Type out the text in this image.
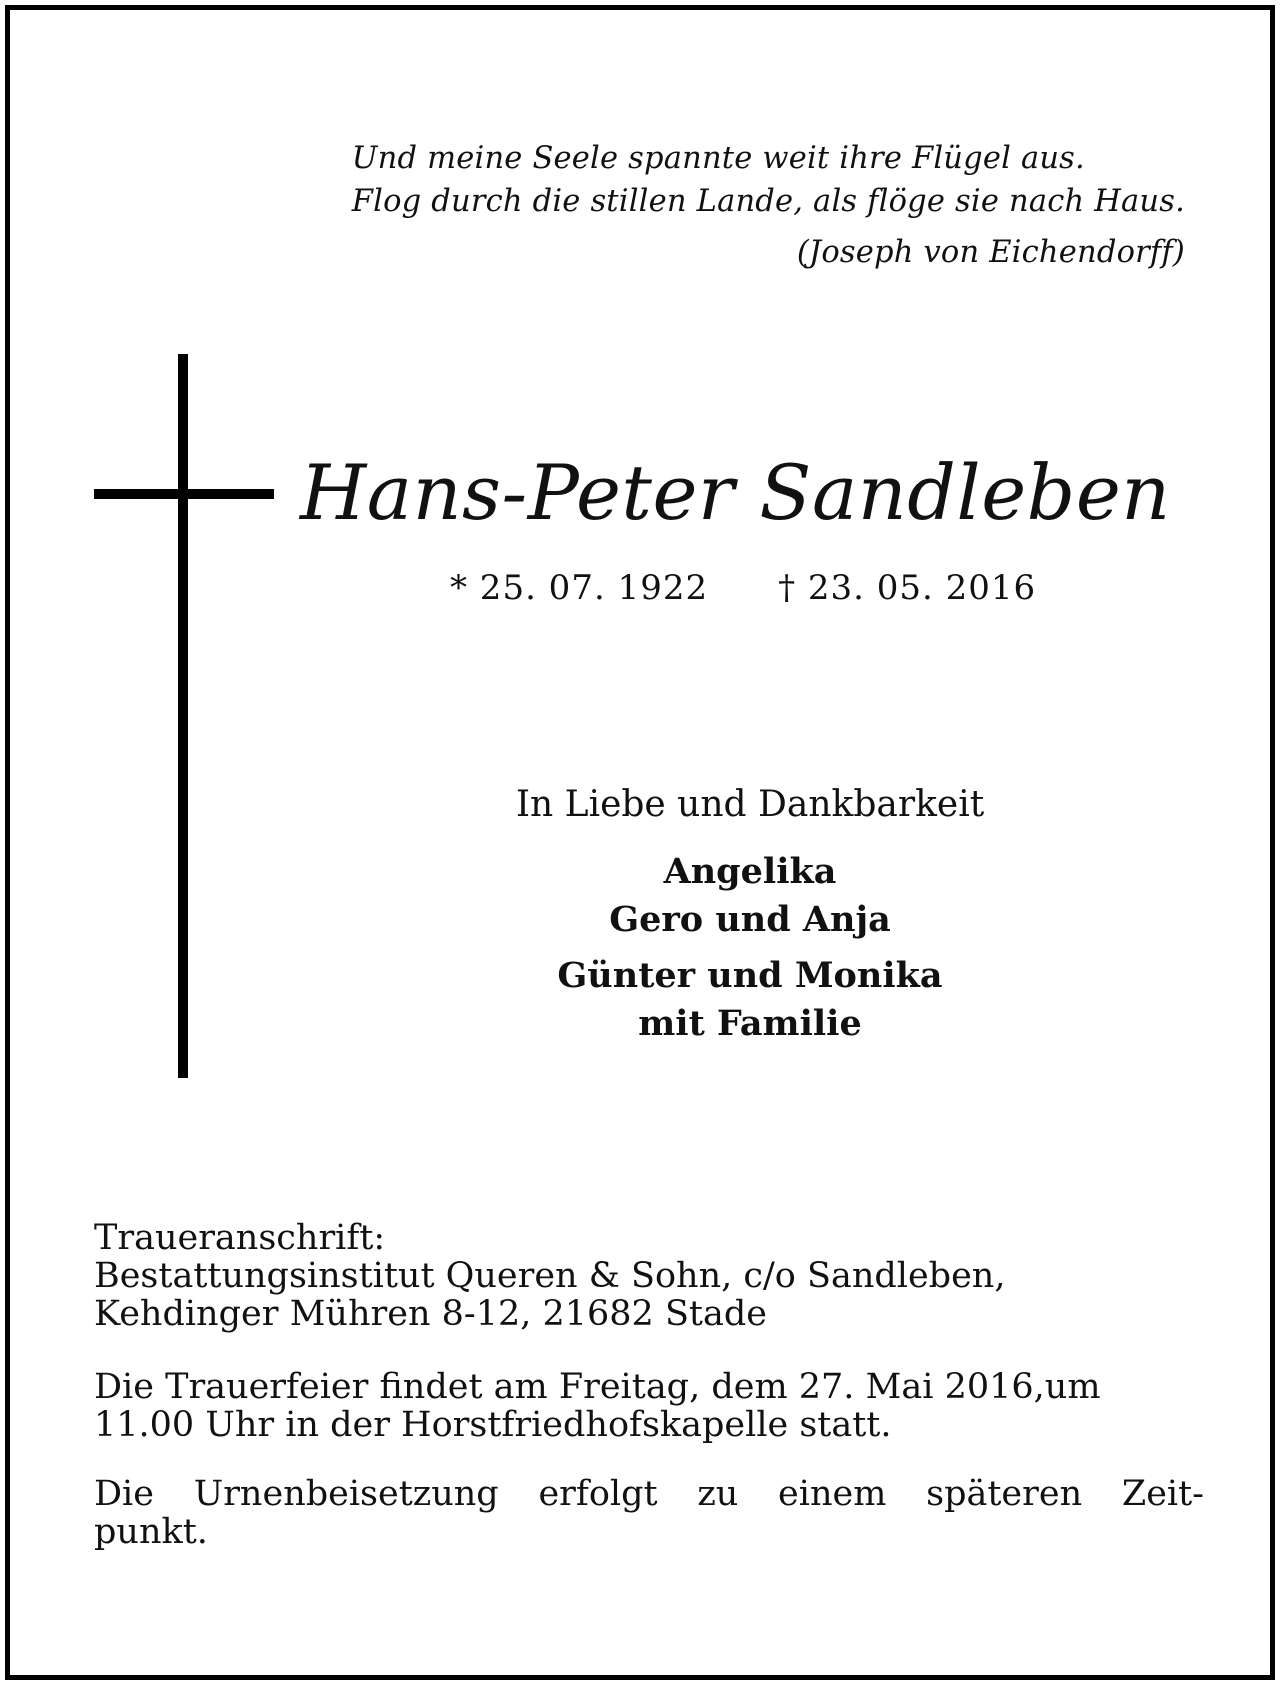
Und meine Seele spannte weit ihre Flügel aus.
Flog durch die stillen Lande, als flöge sie nach Haus.
(Joseph von Eichendorff)
Hans-Peter Sandleben
* 25. 07. 1922 † 23. 05. 2016
In Liebe und Dankbarkeit
Angelika
Gero und Anja
Günter und Monika
mit Familie
Traueranschrift:
Bestattungsinstitut Queren & Sohn, c/o Sandleben,
Kehdinger Mühren 8-12, 21682 Stade
Die Trauerfeier findet am Freitag, dem 27. Mai 2016,um
11.00 Uhr in der Horstfriedhofskapelle statt.
Die Urnenbeisetzung erfolgt zu einem späteren Zeit-
punkt.
